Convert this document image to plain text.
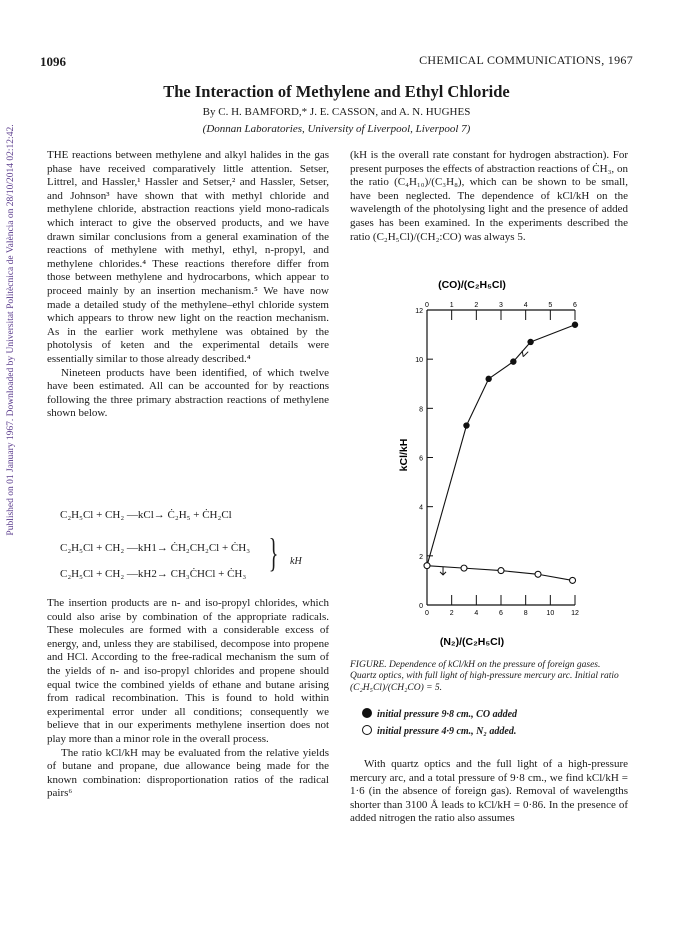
Published on 01 January 1967. Downloaded by Universitat Politècnica de València on 28/10/2014 02:12:42.
1096	CHEMICAL COMMUNICATIONS, 1967
The Interaction of Methylene and Ethyl Chloride
By C. H. BAMFORD,* J. E. CASSON, and A. N. HUGHES
(Donnan Laboratories, University of Liverpool, Liverpool 7)

THE reactions between methylene and alkyl halides in the gas phase have received comparatively little attention. Setser, Littrel, and Hassler,¹ Hassler and Setser,² and Hassler, Setser, and Johnson³ have shown that with methyl chloride and methylene chloride, abstraction reactions yield mono-radicals which interact to give the observed products, and we have drawn similar conclusions from a general examination of the reactions of methylene with methyl, ethyl, n-propyl, and methylene chlorides.⁴ These reactions therefore differ from those between methylene and hydrocarbons, which appear to proceed mainly by an insertion mechanism.⁵ We have now made a detailed study of the methylene–ethyl chloride system which appears to throw new light on the reaction mechanism. As in the earlier work methylene was obtained by the photolysis of keten and the experimental details were essentially similar to those already described.⁴

Nineteen products have been identified, of which twelve have been estimated. All can be accounted for by reactions following the three primary abstraction reactions of methylene shown below.

C₂H₅Cl + CH₂ —kCl→ Ċ₂H₅ + ĊH₂Cl
C₂H₅Cl + CH₂ —kH1→ ĊH₂CH₂Cl + ĊH₃
C₂H₅Cl + CH₂ —kH2→ CH₃ĊHCl + ĊH₃ } kH

The insertion products are n- and iso-propyl chlorides, which could also arise by combination of the appropriate radicals. These molecules are formed with a considerable excess of energy, and, unless they are stabilised, decompose into propene and HCl. According to the free-radical mechanism the sum of the yields of n- and iso-propyl chlorides and propene should equal twice the combined yields of ethane and butane arising from radical recombination. This is found to hold within experimental error under all conditions; consequently we believe that in our experiments methylene insertion does not play more than a minor role in the overall process.

The ratio kCl/kH may be evaluated from the relative yields of butane and propane, due allowance being made for the known combination: disproportionation ratios of the radical pairs⁶

(kH is the overall rate constant for hydrogen abstraction). For present purposes the effects of abstraction reactions of ĊH₃, on the ratio (C₄H₁₀)/(C₃H₈), which can be shown to be small, have been neglected. The dependence of kCl/kH on the wavelength of the photolysing light and the presence of added gases has been examined. In the experiments described the ratio (C₂H₅Cl)/(CH₂:CO) was always 5.

(CO)/(C₂H₅Cl)
(N₂)/(C₂H₅Cl)
kCl/kH
0	2	4	6	8	10 12
0	1	2	3	4	5	6
0
2
4
6
8
10
12
FIGURE. Dependence of kCl/kH on the pressure of foreign gases. Quartz optics, with full light of high-pressure mercury arc. Initial ratio (C₂H₅Cl)/(CH₂CO) = 5.
initial pressure 9·8 cm., CO added
initial pressure 4·9 cm., N₂ added.

With quartz optics and the full light of a high-pressure mercury arc, and a total pressure of 9·8 cm., we find kCl/kH = 1·6 (in the absence of foreign gas). Removal of wavelengths shorter than 3100 Å leads to kCl/kH = 0·86. In the presence of added nitrogen the ratio also assumes
